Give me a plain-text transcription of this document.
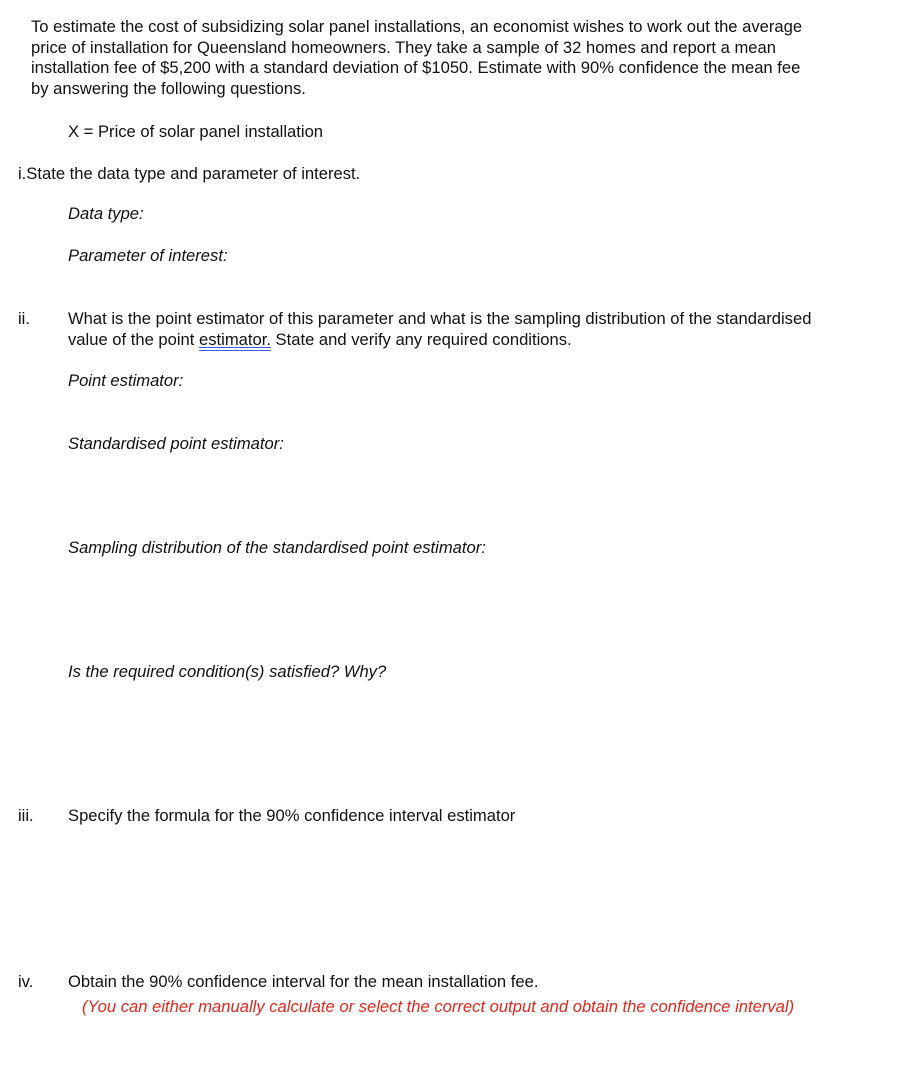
To estimate the cost of subsidizing solar panel installations, an economist wishes to work out the average
price of installation for Queensland homeowners. They take a sample of 32 homes and report a mean
installation fee of $5,200 with a standard deviation of $1050. Estimate with 90% confidence the mean fee
by answering the following questions.
X = Price of solar panel installation
i.State the data type and parameter of interest.
Data type:
Parameter of interest:
ii. What is the point estimator of this parameter and what is the sampling distribution of the standardised
value of the point estimator. State and verify any required conditions.
Point estimator:
Standardised point estimator:
Sampling distribution of the standardised point estimator:
Is the required condition(s) satisfied? Why?
iii. Specify the formula for the 90% confidence interval estimator
iv. Obtain the 90% confidence interval for the mean installation fee.
(You can either manually calculate or select the correct output and obtain the confidence interval)
